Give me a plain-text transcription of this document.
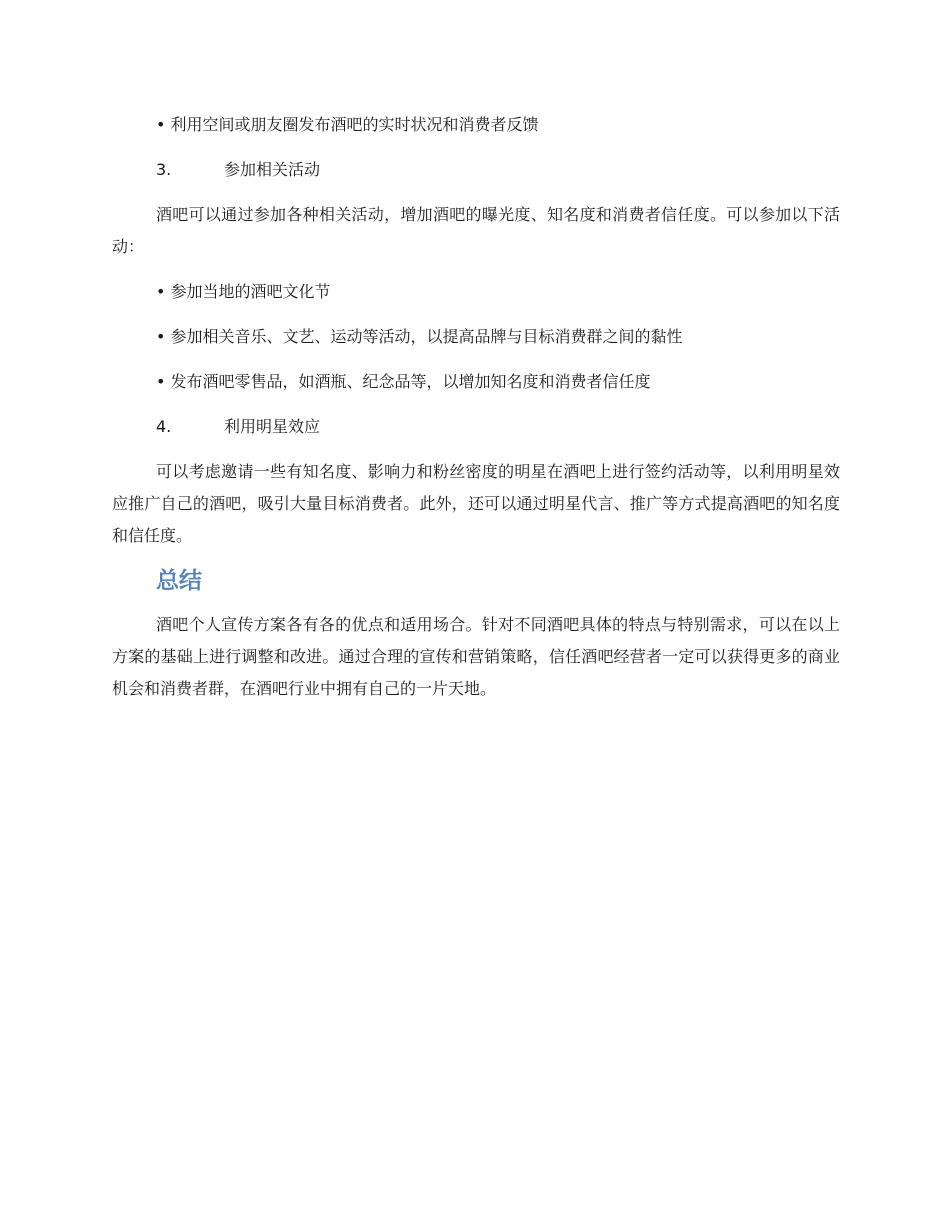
• 利用空间或朋友圈发布酒吧的实时状况和消费者反馈
3.	参加相关活动

酒吧可以通过参加各种相关活动，增加酒吧的曝光度、知名度和消费者信任度。可以参加以下活动：

• 参加当地的酒吧文化节
• 参加相关音乐、文艺、运动等活动，以提高品牌与目标消费群之间的黏性
• 发布酒吧零售品，如酒瓶、纪念品等，以增加知名度和消费者信任度
4.	利用明星效应

可以考虑邀请一些有知名度、影响力和粉丝密度的明星在酒吧上进行签约活动等，以利用明星效应推广自己的酒吧，吸引大量目标消费者。此外，还可以通过明星代言、推广等方式提高酒吧的知名度和信任度。

总结

酒吧个人宣传方案各有各的优点和适用场合。针对不同酒吧具体的特点与特别需求，可以在以上方案的基础上进行调整和改进。通过合理的宣传和营销策略，信任酒吧经营者一定可以获得更多的商业机会和消费者群，在酒吧行业中拥有自己的一片天地。
